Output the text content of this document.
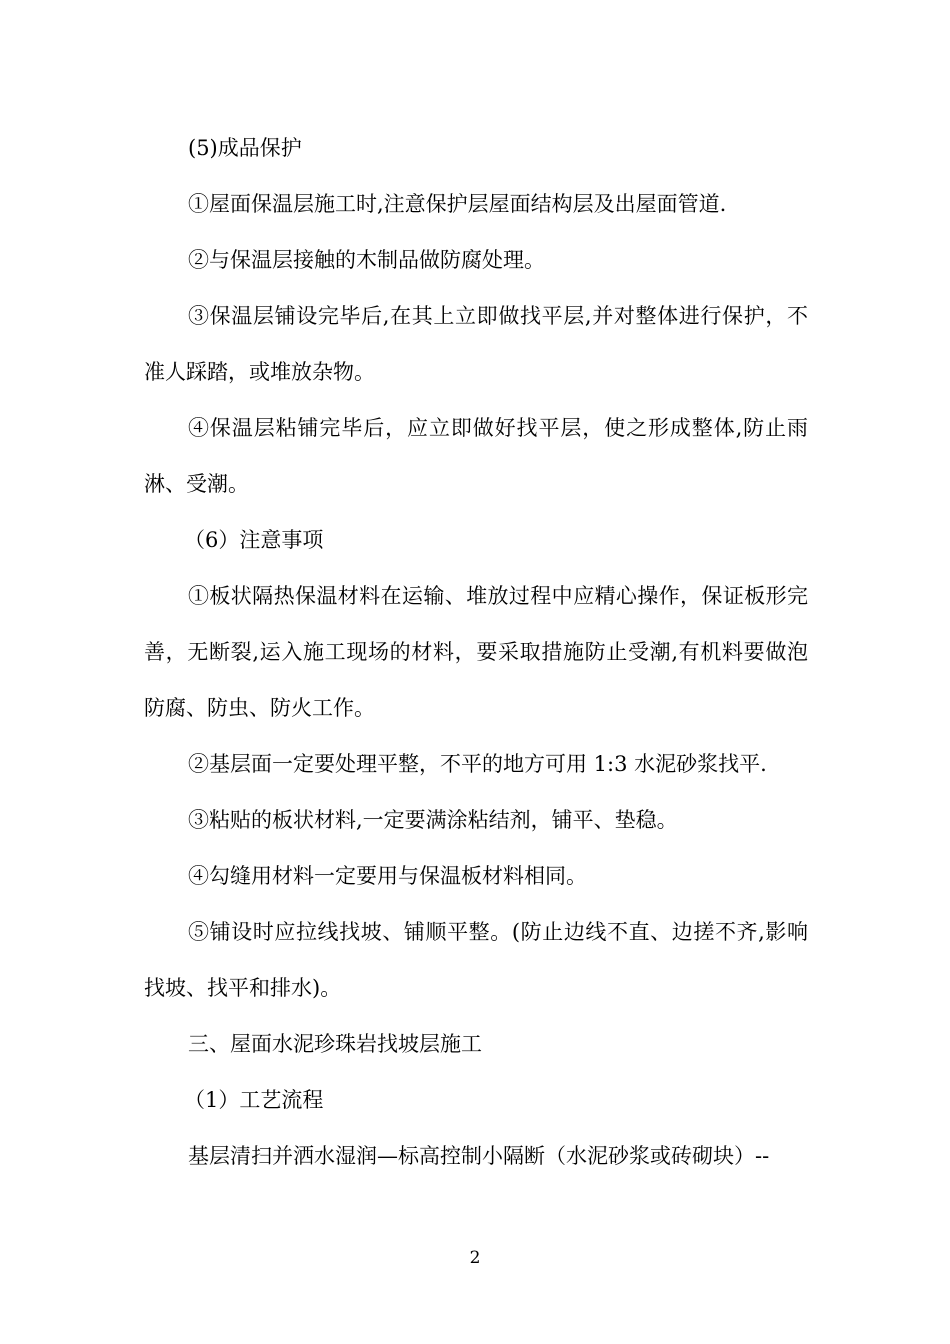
(5)成品保护

①屋面保温层施工时,注意保护层屋面结构层及出屋面管道.

②与保温层接触的木制品做防腐处理。

③保温层铺设完毕后,在其上立即做找平层,并对整体进行保护，不准人踩踏，或堆放杂物。

④保温层粘铺完毕后，应立即做好找平层，使之形成整体,防止雨淋、受潮。

（6）注意事项

①板状隔热保温材料在运输、堆放过程中应精心操作，保证板形完善，无断裂,运入施工现场的材料，要采取措施防止受潮,有机料要做泡防腐、防虫、防火工作。

②基层面一定要处理平整，不平的地方可用 1:3 水泥砂浆找平.

③粘贴的板状材料,一定要满涂粘结剂，铺平、垫稳。

④勾缝用材料一定要用与保温板材料相同。

⑤铺设时应拉线找坡、铺顺平整。(防止边线不直、边搓不齐,影响找坡、找平和排水)。

三、屋面水泥珍珠岩找坡层施工

（1）工艺流程

基层清扫并洒水湿润—标高控制小隔断（水泥砂浆或砖砌块）--

2
